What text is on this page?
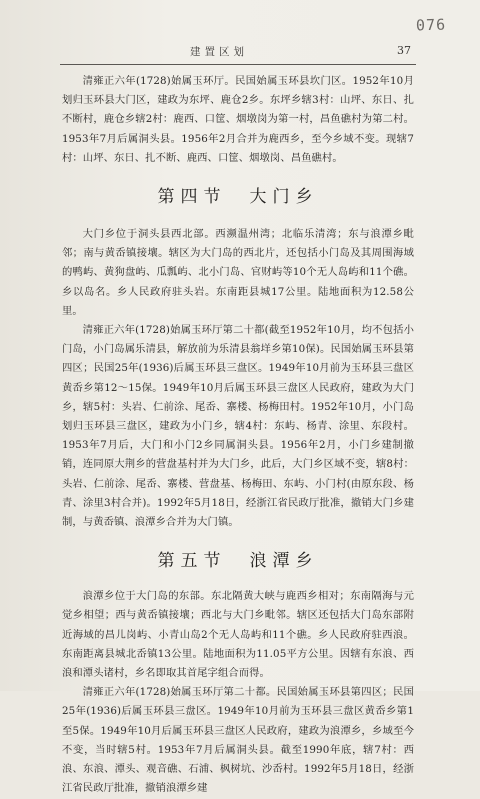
076
建置区划	37

清雍正六年(1728)始属玉环厅。民国始属玉环县坎门区。1952年10月划归玉环县大门区，建政为东坪、鹿仓2乡。东坪乡辖3村：山坪、东日、扎不断村，鹿仓乡辖2村：鹿西、口筐、烟墩岗为第一村，昌鱼礁村为第二村。1953年7月后属洞头县。1956年2月合并为鹿西乡，至今乡域不变。现辖7村：山坪、东日、扎不断、鹿西、口筐、烟墩岗、昌鱼礁村。

第四节　大门乡

大门乡位于洞头县西北部。西濒温州湾；北临乐清湾；东与浪潭乡毗邻；南与黄岙镇接壤。辖区为大门岛的西北片，还包括小门岛及其周围海域的鸭屿、黄狗盘屿、瓜瓢屿、北小门岛、官财屿等10个无人岛屿和11个礁。乡以岛名。乡人民政府驻头岩。东南距县城17公里。陆地面积为12.58公里。

清雍正六年(1728)始属玉环厅第二十都(截至1952年10月，均不包括小门岛，小门岛属乐清县，解放前为乐清县翁垟乡第10保)。民国始属玉环县第四区；民国25年(1936)后属玉环县三盘区。1949年10月前为玉环县三盘区黄岙乡第12～15保。1949年10月后属玉环县三盘区人民政府，建政为大门乡，辖5村：头岩、仁前涂、尾岙、寨楼、杨梅田村。1952年10月，小门岛划归玉环县三盘区，建政为小门乡，辖4村：东屿、杨青、涂里、东段村。1953年7月后，大门和小门2乡同属洞头县。1956年2月，小门乡建制撤销，连同原大荆乡的营盘基村并为大门乡，此后，大门乡区域不变，辖8村：头岩、仁前涂、尾岙、寨楼、营盘基、杨梅田、东屿、小门村(由原东段、杨青、涂里3村合并)。1992年5月18日，经浙江省民政厅批准，撤销大门乡建制，与黄岙镇、浪潭乡合并为大门镇。

第五节　浪潭乡

浪潭乡位于大门岛的东部。东北隔黄大峡与鹿西乡相对；东南隔海与元觉乡相望；西与黄岙镇接壤；西北与大门乡毗邻。辖区还包括大门岛东部附近海域的昌儿岗屿、小青山岛2个无人岛屿和11个礁。乡人民政府驻西浪。东南距离县城北岙镇13公里。陆地面积为11.05平方公里。因辖有东浪、西浪和潭头诸村，乡名即取其首尾字组合而得。

清雍正六年(1728)始属玉环厅第二十都。民国始属玉环县第四区；民国25年(1936)后属玉环县三盘区。1949年10月前为玉环县三盘区黄岙乡第1至5保。1949年10月后属玉环县三盘区人民政府，建政为浪潭乡，乡域至今不变，当时辖5村。1953年7月后属洞头县。截至1990年底，辖7村：西浪、东浪、潭头、观音礁、石浦、枫树坑、沙岙村。1992年5月18日，经浙江省民政厅批准，撤销浪潭乡建
